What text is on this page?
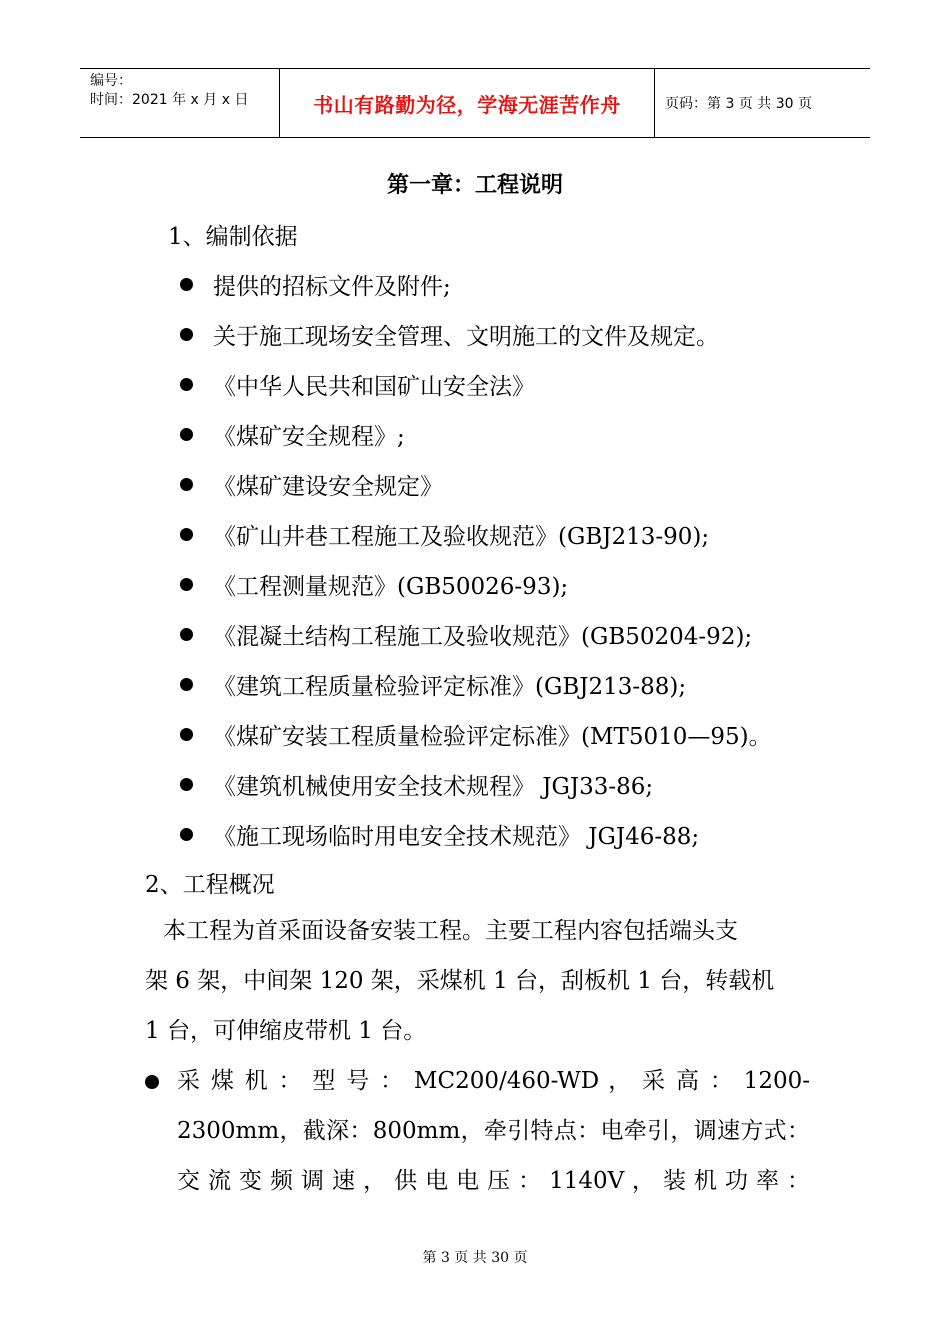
编号：
时间：2021 年 x 月 x 日	书山有路勤为径，学海无涯苦作舟	页码：第 3 页 共 30 页
第一章：工程说明
1、编制依据
提供的招标文件及附件;
关于施工现场安全管理、文明施工的文件及规定。
《中华人民共和国矿山安全法》
《煤矿安全规程》;
《煤矿建设安全规定》
《矿山井巷工程施工及验收规范》(GBJ213-90);
《工程测量规范》(GB50026-93);
《混凝土结构工程施工及验收规范》(GB50204-92);
《建筑工程质量检验评定标准》(GBJ213-88);
《煤矿安装工程质量检验评定标准》(MT5010—95)。
《建筑机械使用安全技术规程》 JGJ33-86;
《施工现场临时用电安全技术规范》 JGJ46-88;
2、工程概况

本工程为首采面设备安装工程。主要工程内容包括端头支

架 6 架，中间架 120 架，采煤机 1 台，刮板机 1 台，转载机

1 台，可伸缩皮带机 1 台。

采 煤 机 ： 型 号 ： MC200/460-WD ， 采 高 ： 1200-
2300mm，截深：800mm，牵引特点：电牵引，调速方式：
交 流 变 频 调 速 ， 供 电 电 压 ： 1140V ， 装 机 功 率 ：
第 3 页 共 30 页
